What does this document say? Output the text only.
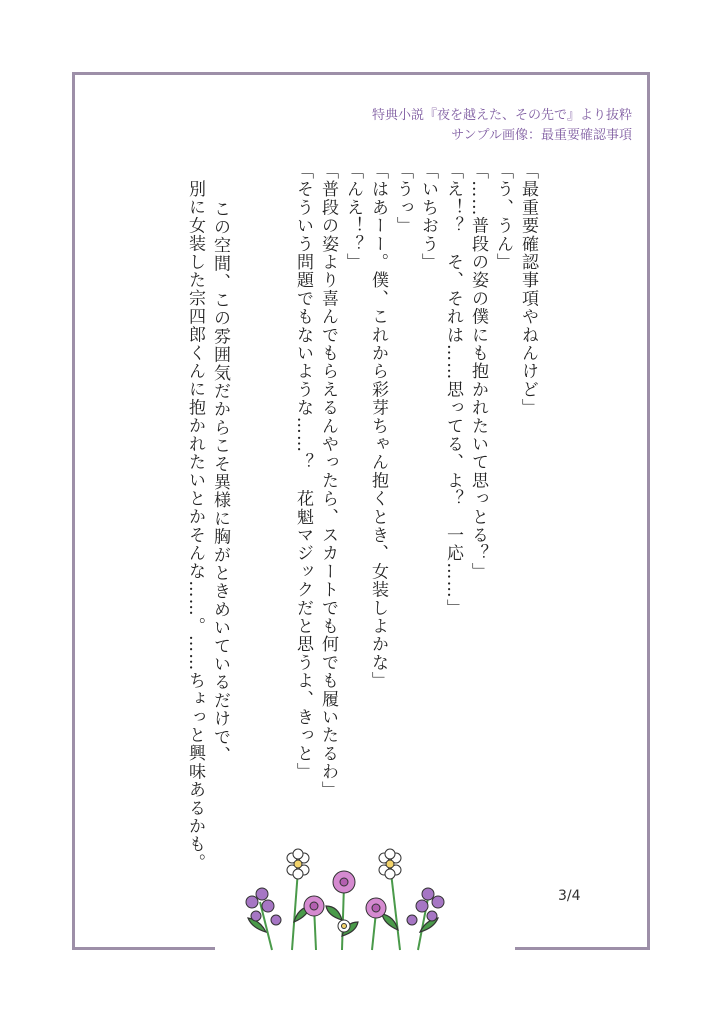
特典小説『夜を越えた、その先で』より抜粋
サンプル画像：最重要確認事項
「最重要確認事項やねんけど」
「う、うん」
「……普段の姿の僕にも抱かれたいて思っとる？」
「え！？　そ、それは……思ってる、よ？　一応……」
「いちおう」
「うっ」
「はあーー。僕、これから彩芽ちゃん抱くとき、女装しよかな」
「んえ！？」
「普段の姿より喜んでもらえるんやったら、スカートでも何でも履いたるわ」
「そういう問題でもないような……？　花魁マジックだと思うよ、きっと」
この空間、この雰囲気だからこそ異様に胸がときめいているだけで、
別に女装した宗四郎くんに抱かれたいとかそんな……。……ちょっと興味あるかも。
3/4
